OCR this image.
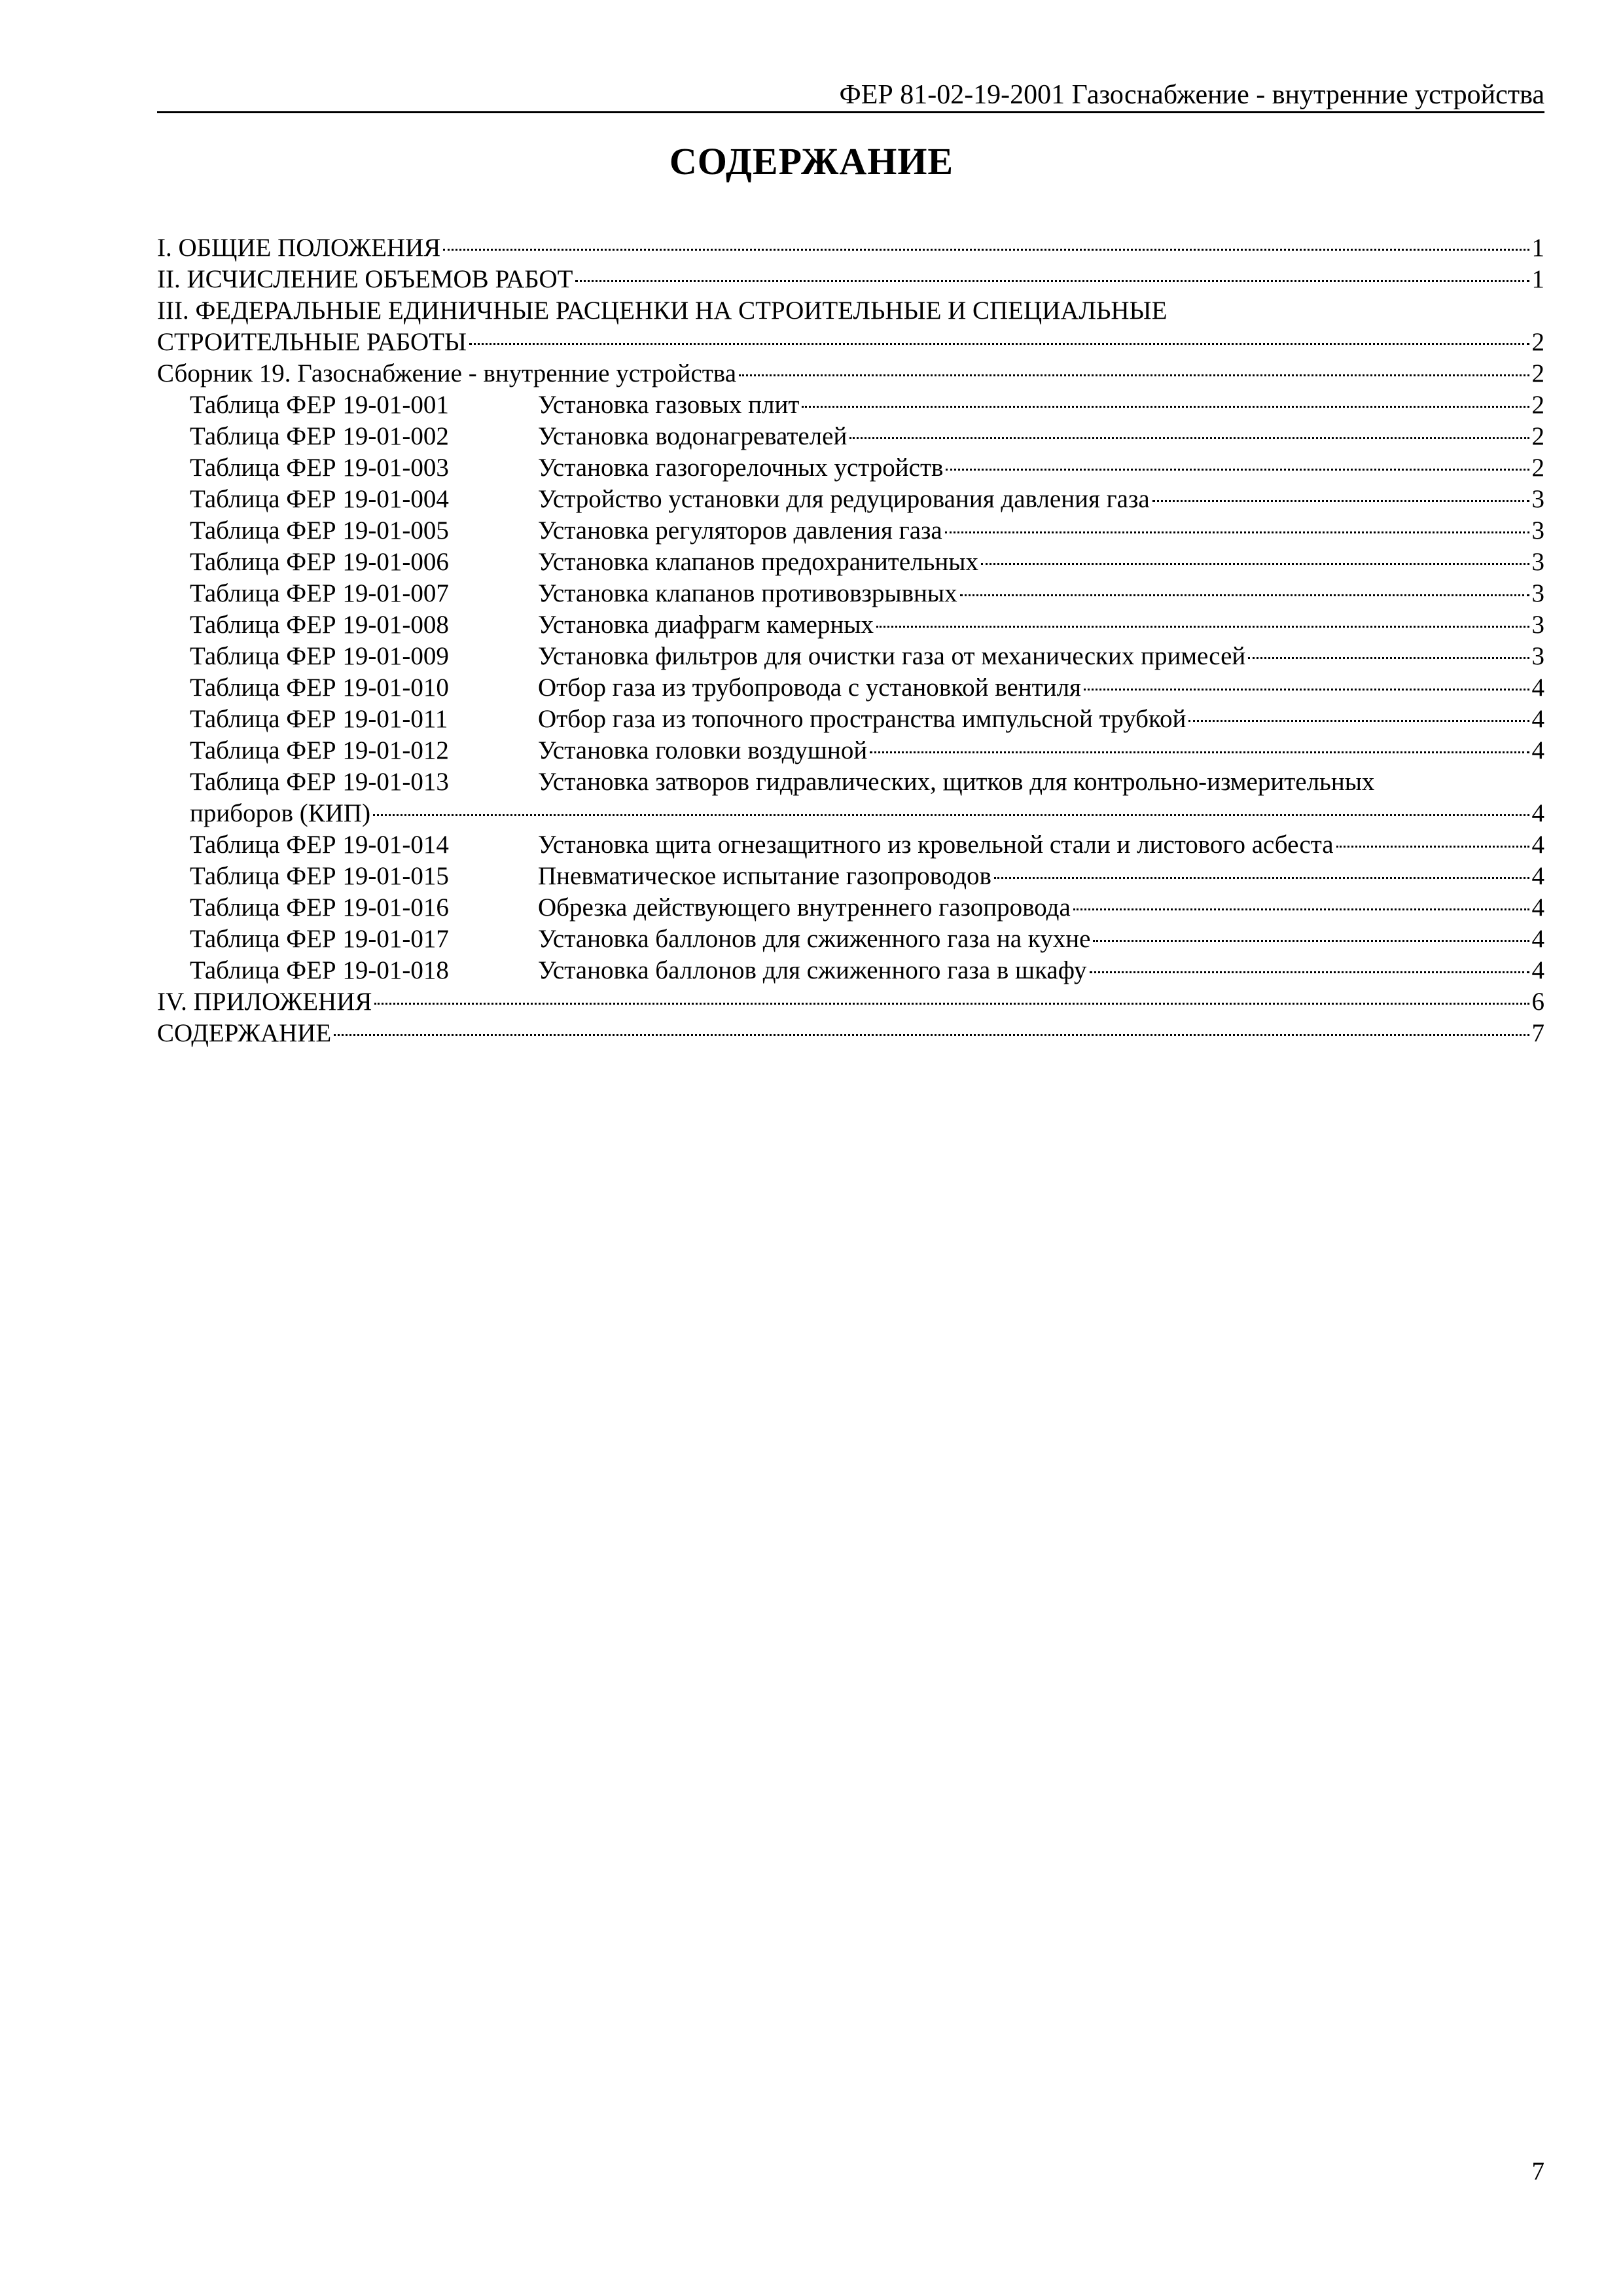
ФЕР 81-02-19-2001 Газоснабжение - внутренние устройства
СОДЕРЖАНИЕ
I. ОБЩИЕ ПОЛОЖЕНИЯ	1
II. ИСЧИСЛЕНИЕ ОБЪЕМОВ РАБОТ	1
III. ФЕДЕРАЛЬНЫЕ ЕДИНИЧНЫЕ РАСЦЕНКИ НА СТРОИТЕЛЬНЫЕ И СПЕЦИАЛЬНЫЕ
СТРОИТЕЛЬНЫЕ РАБОТЫ	2
Сборник 19. Газоснабжение - внутренние устройства	2
Таблица ФЕР 19-01-001	Установка газовых плит	2
Таблица ФЕР 19-01-002	Установка водонагревателей	2
Таблица ФЕР 19-01-003	Установка газогорелочных устройств	2
Таблица ФЕР 19-01-004	Устройство установки для редуцирования давления газа	3
Таблица ФЕР 19-01-005	Установка регуляторов давления газа	3
Таблица ФЕР 19-01-006	Установка клапанов предохранительных	3
Таблица ФЕР 19-01-007	Установка клапанов противовзрывных	3
Таблица ФЕР 19-01-008	Установка диафрагм камерных	3
Таблица ФЕР 19-01-009	Установка фильтров для очистки газа от механических примесей	3
Таблица ФЕР 19-01-010	Отбор газа из трубопровода с установкой вентиля	4
Таблица ФЕР 19-01-011	Отбор газа из топочного пространства импульсной трубкой	4
Таблица ФЕР 19-01-012	Установка головки воздушной	4
Таблица ФЕР 19-01-013	Установка затворов гидравлических, щитков для контрольно-измерительных
приборов (КИП)	4
Таблица ФЕР 19-01-014	Установка щита огнезащитного из кровельной стали и листового асбеста	4
Таблица ФЕР 19-01-015	Пневматическое испытание газопроводов	4
Таблица ФЕР 19-01-016	Обрезка действующего внутреннего газопровода	4
Таблица ФЕР 19-01-017	Установка баллонов для сжиженного газа на кухне	4
Таблица ФЕР 19-01-018	Установка баллонов для сжиженного газа в шкафу	4
IV. ПРИЛОЖЕНИЯ	6
СОДЕРЖАНИЕ	7
7
